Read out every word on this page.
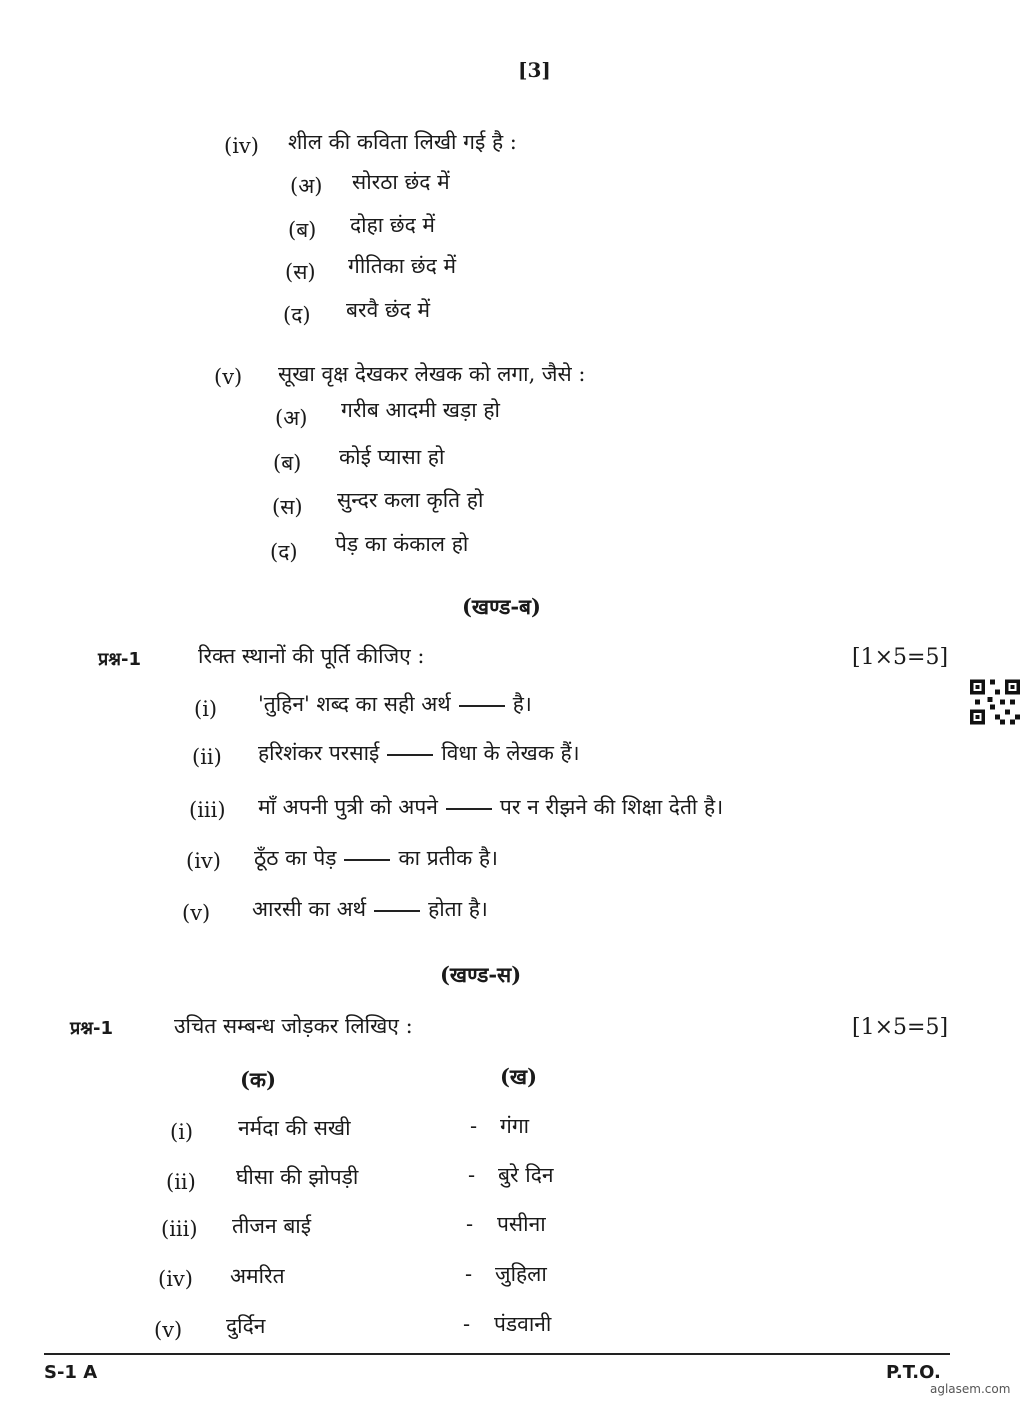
[3]
(iv) शील की कविता लिखी गई है :
(अ) सोरठा छंद में
(ब) दोहा छंद में
(स) गीतिका छंद में
(द) बरवै छंद में
(v) सूखा वृक्ष देखकर लेखक को लगा, जैसे :
(अ) गरीब आदमी खड़ा हो
(ब) कोई प्यासा हो
(स) सुन्दर कला कृति हो
(द) पेड़ का कंकाल हो
(खण्ड-ब)
प्रश्न-1	रिक्त स्थानों की पूर्ति कीजिए :	[1×5=5]
(i) 'तुहिन' शब्द का सही अर्थ	है।
(ii) हरिशंकर परसाई	विधा के लेखक हैं।
(iii) माँ अपनी पुत्री को अपने	पर न रीझने की शिक्षा देती है।
(iv) ठूँठ का पेड़	का प्रतीक है।
(v) आरसी का अर्थ	होता है।
(खण्ड-स)
प्रश्न-1	उचित सम्बन्ध जोड़कर लिखिए :	[1×5=5]
(क)	(ख)
(i) नर्मदा की सखी	- गंगा
(ii) घीसा की झोपड़ी	- बुरे दिन
(iii) तीजन बाई	- पसीना
(iv) अमरित	- जुहिला
(v) दुर्दिन	- पंडवानी
S-1 A	P.T.O.
aglasem.com
